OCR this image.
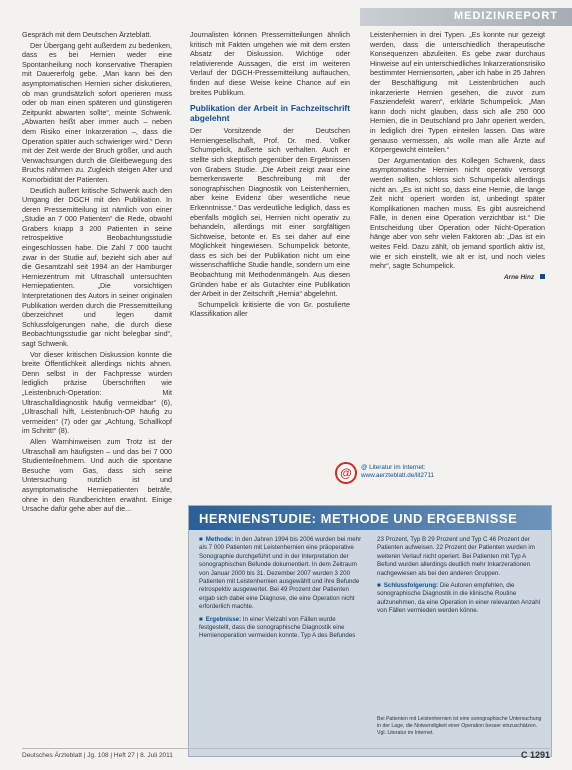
MEDIZINREPORT

Gespräch mit dem Deutschen Ärzteblatt.

Der Übergang geht außerdem zu bedenken, dass es bei Hernien weder eine Spontanheilung noch konservative Therapien mit Dauererfolg gebe. „Man kann bei den asymptomatischen Hernien sicher diskutieren, ob man grundsätzlich sofort operieren muss oder ob man einen späteren und günstigeren Zeitpunkt abwarten sollte“, meinte Schwenk. „Abwarten heißt aber immer auch – neben dem Risiko einer Inkarzeration –, dass die Operation später auch schwieriger wird.“ Denn mit der Zeit werde der Bruch größer, und auch Verwachsungen durch die Gleitbewegung des Bruchs nähmen zu. Zugleich steigen Alter und Komorbidität der Patienten.

Deutlich äußert kritische Schwenk auch den Umgang der DGCH mit den Publikation. In deren Pressemitteilung ist nämlich von einer „Studie an 7 000 Patienten“ die Rede, obwohl Grabers knapp 3 200 Patienten in seine retrospektive Beobachtungsstudie eingeschlossen habe. Die Zahl 7 000 taucht zwar in der Studie auf, bezieht sich aber auf die Gesamtzahl seit 1994 an der Hamburger Herniezentrum mit Ultraschall untersuchten Herniepatienten. „Die vorsichtigen Interpretationen des Autors in seiner originalen Publikation werden durch die Pressemitteilung überzeichnet und legen damit Schlussfolgerungen nahe, die durch diese Beobachtungsstudie gar nicht belegbar sind“, sagt Schwenk.

Vor dieser kritischen Diskussion konnte die breite Öffentlichkeit allerdings nichts ahnen. Denn selbst in der Fachpresse wurden lediglich präzise Überschriften wie „Leistenbruch-Operation: Mit Ultraschalldiagnostik häufig vermeidbar“ (6), „Ultraschall hilft, Leistenbruch-OP häufig zu vermeiden“ (7) oder gar „Achtung, Schallkopf im Schritt!“ (8).

Allen Warnhinweisen zum Trotz ist der Ultraschall am häufigsten – und das bei 7 000 Studienteilnehmern. Und auch die spontane Besuche vom Gas, dass sich seine Untersuchung nutzlich ist und asymptomatische Herniepatienten beträfe, ohne in den Rundberichten erwähnt. Einige Ursache dafür gehe aber auf die...

Journalisten können Pressemitteilungen ähnlich kritisch mit Fakten umgehen wie mit dem ersten Absatz der Diskussion. Wichtige oder relativierende Aussagen, die erst im weiteren Verlauf der DGCH-Pressemitteilung auftauchen, finden auf diese Weise keine Chance auf ein breites Publikum.

Publikation der Arbeit in Fachzeitschrift abgelehnt

Der Vorsitzende der Deutschen Herniengesellschaft, Prof. Dr. med. Volker Schumpelick, äußerte sich verhalten. Auch er stellte sich skeptisch gegenüber den Ergebnissen von Grabers Studie. „Die Arbeit zeigt zwar eine bemerkenswerte Beschreibung mit der sonographischen Diagnostik von Leistenhernien, aber keine Evidenz über wesentliche neue Erkenntnisse.“ Das verdeutliche lediglich, dass es ebenfalls möglich sei, Hernien nicht operativ zu behandeln, allerdings mit einer sorgfältigen Sichtweise, betonte er. Es sei daher auf eine Möglichkeit hingewiesen. Schumpelick betonte, dass es sich bei der Publikation nicht um eine wissenschaftliche Studie handle, sondern um eine Beobachtung mit Methodenmängeln. Aus diesen Gründen habe er als Gutachter eine Publikation der Arbeit in der Zeitschrift „Hernia“ abgelehnt.

Schumpelick kritisierte die von Gr. postulierte Klassifikation aller

Leistenhernien in drei Typen. „Es konnte nur gezeigt werden, dass die unterschiedlich therapeutische Konsequenzen abzuleiten. Es gebe zwar durchaus Hinweise auf ein unterschiedliches Inkarzerationsrisiko bestimmter Herniensorten, „aber ich habe in 25 Jahren der Beschäftigung mit Leistenbrüchen auch inkarzerierte Hernien gesehen, die zuvor zum Fasziendefekt waren“, erklärte Schumpelick. „Man kann doch nicht glauben, dass sich alle 250 000 Hernien, die in Deutschland pro Jahr operiert werden, in lediglich drei Typen einteilen lassen. Das wäre genauso vermessen, als wolle man alle Ärzte auf Körpergewicht einteilen.“

Der Argumentation des Kollegen Schwenk, dass asymptomatische Hernien nicht operativ versorgt werden sollten, schloss sich Schumpelick allerdings nicht an. „Es ist nicht so, dass eine Hernie, die lange Zeit nicht operiert worden ist, unbedingt später Komplikationen machen muss. Es gibt ausreichend Fälle, in denen eine Operation verzichtbar ist.“ Die Entscheidung über Operation oder Nicht-Operation hänge aber von sehr vielen Faktoren ab: „Das ist ein weites Feld. Dazu zählt, ob jemand sportlich aktiv ist, wie er sich einstellt, wie alt er ist, und noch vieles mehr“, sagte Schumpelick.

Arne Hinz
@	@ Literatur im Internet:
www.aerzteblatt.de/lit2711
HERNIENSTUDIE: METHODE UND ERGEBNISSE
■ Methode: In den Jahren 1994 bis 2006 wurden bei mehr als 7 000 Patienten mit Leistenhernien eine präoperative Sonographie durchgeführt und in der Interpretation der sonographischen Befunde dokumentiert. In dem Zeitraum von Januar 2000 bis 31. Dezember 2007 wurden 3 200 Patienten mit Leistenhernien ausgewählt und ihre Befunde retrospektiv ausgewertet. Bei 49 Prozent der Patienten ergab sich dabei eine Diagnose, die eine Operation nicht erforderlich machte.
■ Ergebnisse: In einer Vielzahl von Fällen wurde festgestellt, dass die sonographische Diagnostik eine Hernienoperation vermeiden konnte. Typ A des Befundes
23 Prozent, Typ B 29 Prozent und Typ C 46 Prozent der Patienten aufweisen. 22 Prozent der Patienten wurden im weiteren Verlauf nicht operiert. Bei Patienten mit Typ A Befund wurden allerdings deutlich mehr Inkarzerationen nachgewiesen als bei den anderen Gruppen.
■ Schlussfolgerung: Die Autoren empfehlen, die sonographische Diagnostik in die klinische Routine aufzunehmen, da eine Operation in einer relevanten Anzahl von Fällen vermieden werden könne.
Bei Patienten mit Leistenhernien ist eine sonographische Untersuchung in der Lage, die Notwendigkeit einer Operation besser einzuschätzen. Vgl. Literatur im Internet.
Deutsches Ärzteblatt | Jg. 108 | Heft 27 | 8. Juli 2011	C 1291
